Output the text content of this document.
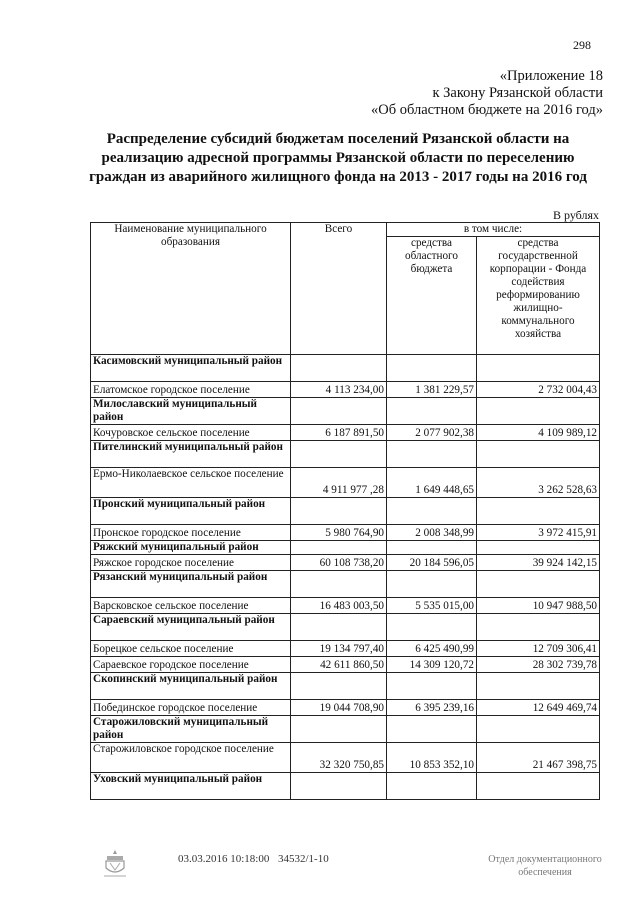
298
«Приложение 18
к Закону Рязанской области
«Об областном бюджете на 2016 год»
Распределение субсидий бюджетам поселений Рязанской области на
реализацию адресной программы Рязанской области по переселению
граждан из аварийного жилищного фонда на 2013 - 2017 годы на 2016 год
В рублях
Наименование муниципального образования	Всего	в том числе:	
		средства областного бюджета	средства государственной корпорации - Фонда содействия реформированию жилищно-коммунального хозяйства
Касимовский муниципальный район			
Елатомское городское поселение	4 113 234,00	1 381 229,57	2 732 004,43
Милославский муниципальный район			
Кочуровское сельское поселение	6 187 891,50	2 077 902,38	4 109 989,12
Пителинский муниципальный район			
Ермо-Николаевское сельское поселение	4 911 977 ,28	1 649 448,65	3 262 528,63
Пронский муниципальный район			
Пронское городское поселение	5 980 764,90	2 008 348,99	3 972 415,91
Ряжский муниципальный район			
Ряжское городское поселение	60 108 738,20	20 184 596,05	39 924 142,15
Рязанский муниципальный район			
Варсковское сельское поселение	16 483 003,50	5 535 015,00	10 947 988,50
Сараевский муниципальный район			
Борецкое сельское поселение	19 134 797,40	6 425 490,99	12 709 306,41
Сараевское городское поселение	42 611 860,50	14 309 120,72	28 302 739,78
Скопинский муниципальный район			
Побединское городское поселение	19 044 708,90	6 395 239,16	12 649 469,74
Старожиловский муниципальный район			
Старожиловское городское поселение	32 320 750,85	10 853 352,10	21 467 398,75
Уховский муниципальный район			
03.03.2016 10:18:00 34532/1-10	Отдел документационного
обеспечения
